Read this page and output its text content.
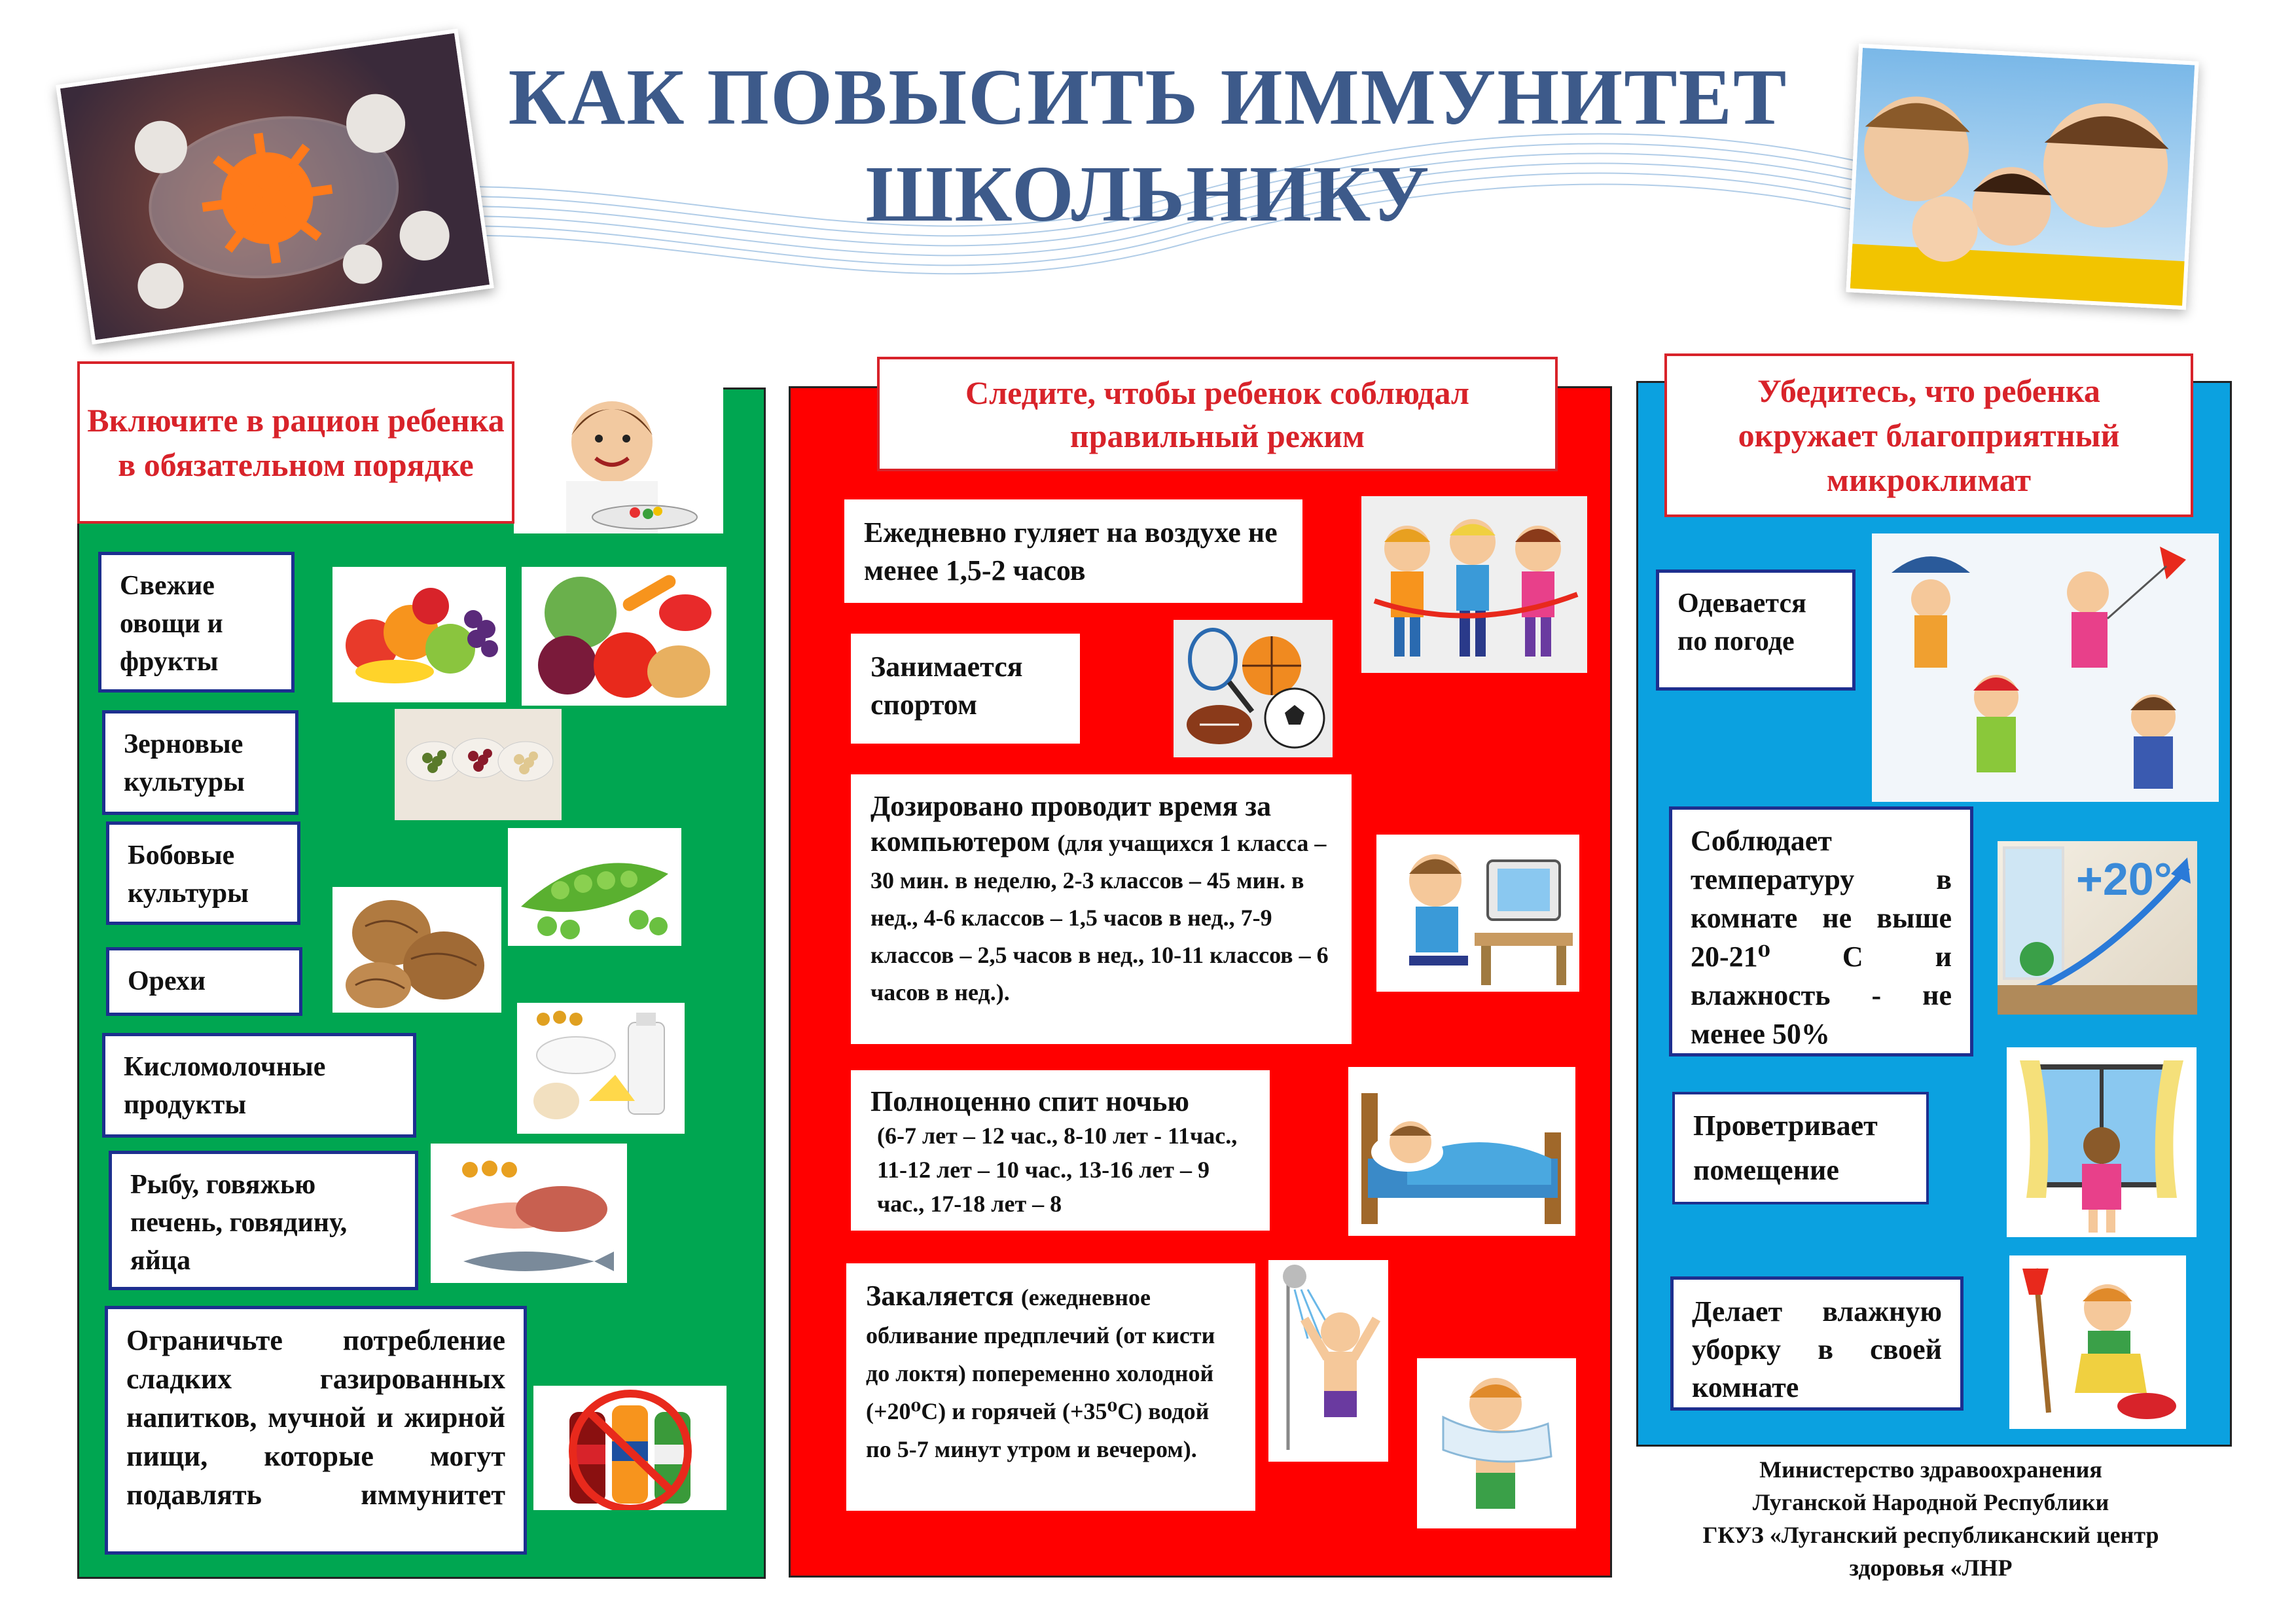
КАК ПОВЫСИТЬ ИММУНИТЕТ
ШКОЛЬНИКУ
Включите в рацион ребенка в обязательном порядке
Свежие овощи и фрукты
Зерновые культуры
Бобовые культуры
Орехи
Кисломолочные продукты
Рыбу, говяжью печень, говядину, яйца
Ограничьте потребление сладких газированных напитков, мучной и жирной пищи, которые могут подавлять иммунитет
Следите, чтобы ребенок соблюдал правильный режим
Ежедневно гуляет на воздухе не менее 1,5-2 часов
Занимается спортом
Дозировано проводит время за компьютером (для учащихся 1 класса – 30 мин. в неделю, 2-3 классов – 45 мин. в нед., 4-6 классов – 1,5 часов в нед., 7-9 классов – 2,5 часов в нед., 10-11 классов – 6 часов в нед.).
Полноценно спит ночью
(6-7 лет – 12 час., 8-10 лет - 11час., 11-12 лет – 10 час., 13-16 лет – 9 час., 17-18 лет – 8
Закаляется (ежедневное обливание предплечий (от кисти до локтя) попеременно холодной (+20⁰С) и горячей (+35⁰С) водой по 5-7 минут утром и вечером).
Убедитесь, что ребенка окружает благоприятный микроклимат
Одевается по погоде
Соблюдает температуру в комнате не выше 20-21⁰ С и влажность - не менее 50%
+20°
Проветривает помещение
Делает влажную уборку в своей комнате
Министерство здравоохранения
Луганской Народной Республики
ГКУЗ «Луганский республиканский центр
здоровья «ЛНР
